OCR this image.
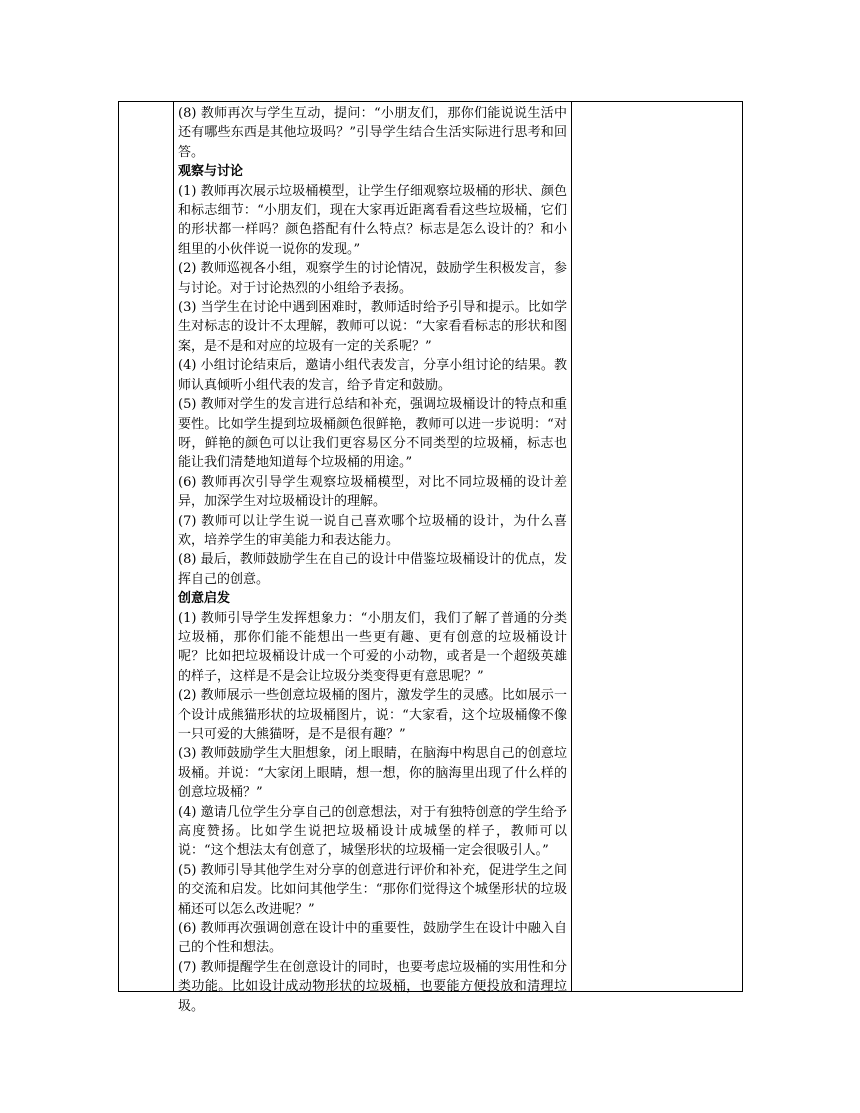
(8) 教师再次与学生互动，提问：“小朋友们，那你们能说说生活中还有哪些东西是其他垃圾吗？”引导学生结合生活实际进行思考和回答。

观察与讨论

(1) 教师再次展示垃圾桶模型，让学生仔细观察垃圾桶的形状、颜色和标志细节：“小朋友们，现在大家再近距离看看这些垃圾桶，它们的形状都一样吗？颜色搭配有什么特点？标志是怎么设计的？和小组里的小伙伴说一说你的发现。”

(2) 教师巡视各小组，观察学生的讨论情况，鼓励学生积极发言，参与讨论。对于讨论热烈的小组给予表扬。

(3) 当学生在讨论中遇到困难时，教师适时给予引导和提示。比如学生对标志的设计不太理解，教师可以说：“大家看看标志的形状和图案，是不是和对应的垃圾有一定的关系呢？”

(4) 小组讨论结束后，邀请小组代表发言，分享小组讨论的结果。教师认真倾听小组代表的发言，给予肯定和鼓励。

(5) 教师对学生的发言进行总结和补充，强调垃圾桶设计的特点和重要性。比如学生提到垃圾桶颜色很鲜艳，教师可以进一步说明：“对呀，鲜艳的颜色可以让我们更容易区分不同类型的垃圾桶，标志也能让我们清楚地知道每个垃圾桶的用途。”

(6) 教师再次引导学生观察垃圾桶模型，对比不同垃圾桶的设计差异，加深学生对垃圾桶设计的理解。

(7) 教师可以让学生说一说自己喜欢哪个垃圾桶的设计，为什么喜欢，培养学生的审美能力和表达能力。

(8) 最后，教师鼓励学生在自己的设计中借鉴垃圾桶设计的优点，发挥自己的创意。

创意启发

(1) 教师引导学生发挥想象力：“小朋友们，我们了解了普通的分类垃圾桶，那你们能不能想出一些更有趣、更有创意的垃圾桶设计呢？比如把垃圾桶设计成一个可爱的小动物，或者是一个超级英雄的样子，这样是不是会让垃圾分类变得更有意思呢？”

(2) 教师展示一些创意垃圾桶的图片，激发学生的灵感。比如展示一个设计成熊猫形状的垃圾桶图片，说：“大家看，这个垃圾桶像不像一只可爱的大熊猫呀，是不是很有趣？”

(3) 教师鼓励学生大胆想象，闭上眼睛，在脑海中构思自己的创意垃圾桶。并说：“大家闭上眼睛，想一想，你的脑海里出现了什么样的创意垃圾桶？”

(4) 邀请几位学生分享自己的创意想法，对于有独特创意的学生给予高度赞扬。比如学生说把垃圾桶设计成城堡的样子，教师可以说：“这个想法太有创意了，城堡形状的垃圾桶一定会很吸引人。”

(5) 教师引导其他学生对分享的创意进行评价和补充，促进学生之间的交流和启发。比如问其他学生：“那你们觉得这个城堡形状的垃圾桶还可以怎么改进呢？”

(6) 教师再次强调创意在设计中的重要性，鼓励学生在设计中融入自己的个性和想法。

(7) 教师提醒学生在创意设计的同时，也要考虑垃圾桶的实用性和分类功能。比如设计成动物形状的垃圾桶，也要能方便投放和清理垃圾。
